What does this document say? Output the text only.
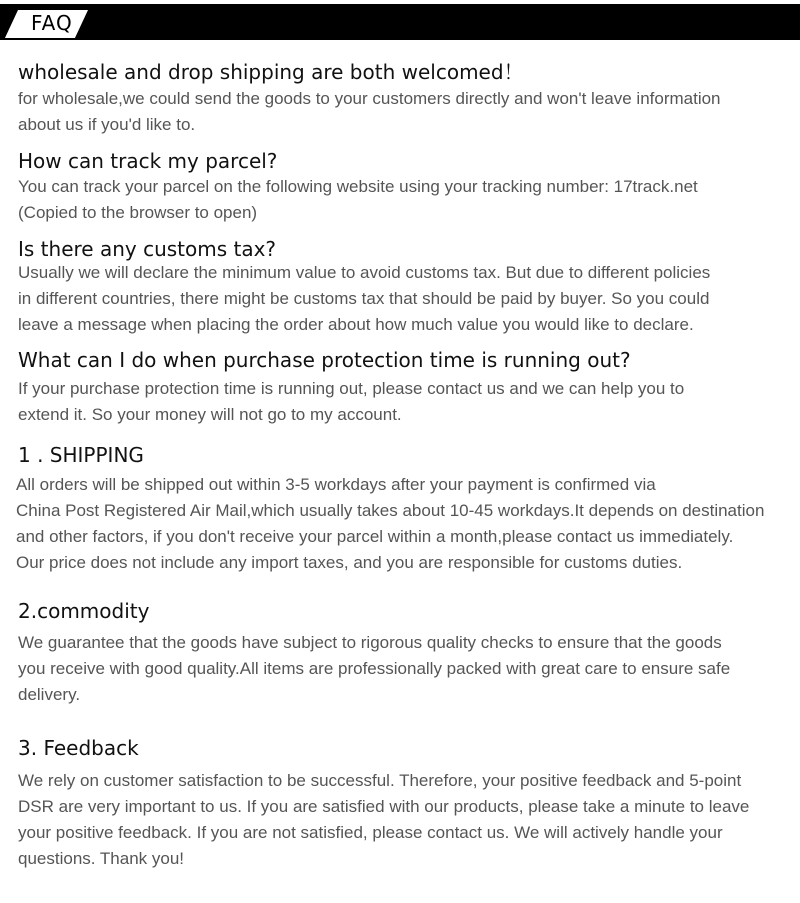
FAQ
wholesale and drop shipping are both welcomed！
for wholesale,we could send the goods to your customers directly and won't leave information
about us if you'd like to.
How can track my parcel?
You can track your parcel on the following website using your tracking number: 17track.net
(Copied to the browser to open)
Is there any customs tax?
Usually we will declare the minimum value to avoid customs tax. But due to different policies
in different countries, there might be customs tax that should be paid by buyer. So you could
leave a message when placing the order about how much value you would like to declare.
What can I do when purchase protection time is running out?
If your purchase protection time is running out, please contact us and we can help you to
extend it. So your money will not go to my account.
1 . SHIPPING
All orders will be shipped out within 3-5 workdays after your payment is confirmed via
China Post Registered Air Mail,which usually takes about 10-45 workdays.It depends on destination
and other factors, if you don't receive your parcel within a month,please contact us immediately.
Our price does not include any import taxes, and you are responsible for customs duties.
2.commodity
We guarantee that the goods have subject to rigorous quality checks to ensure that the goods
you receive with good quality.All items are professionally packed with great care to ensure safe
delivery.
3. Feedback
We rely on customer satisfaction to be successful. Therefore, your positive feedback and 5-point
DSR are very important to us. If you are satisfied with our products, please take a minute to leave
your positive feedback. If you are not satisfied, please contact us. We will actively handle your
questions. Thank you!
